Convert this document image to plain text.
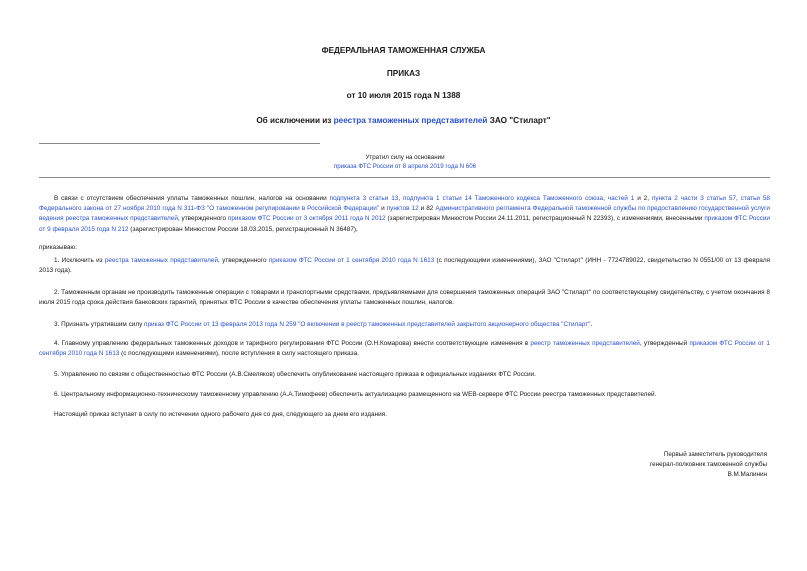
ФЕДЕРАЛЬНАЯ ТАМОЖЕННАЯ СЛУЖБА
ПРИКАЗ
от 10 июля 2015 года N 1388
Об исключении из реестра таможенных представителей ЗАО "Стиларт"
Утратил силу на основании
приказа ФТС России от 8 апреля 2019 года N 606
В связи с отсутствием обеспечения уплаты таможенных пошлин, налогов на основании подпункта 3 статьи 13, подпункта 1 статьи 14 Таможенного кодекса Таможенного союза, частей 1 и 2, пункта 2 части 3 статьи 57, статьи 58 Федерального закона от 27 ноября 2010 года N 311-ФЗ "О таможенном регулировании в Российской Федерации" и пунктов 12 и 82 Административного регламента Федеральной таможенной службы по предоставлению государственной услуги ведения реестра таможенных представителей, утвержденного приказом ФТС России от 3 октября 2011 года N 2012 (зарегистрирован Минюстом России 24.11.2011, регистрационный N 22393), с изменениями, внесенными приказом ФТС России от 9 февраля 2015 года N 212 (зарегистрирован Минюстом России 18.03.2015, регистрационный N 36487),
приказываю:
1. Исключить из реестра таможенных представителей, утвержденного приказом ФТС России от 1 сентября 2010 года N 1613 (с последующими изменениями), ЗАО "Стиларт" (ИНН - 7724789022, свидетельство N 0551/00 от 13 февраля 2013 года).
2. Таможенным органам не производить таможенные операции с товарами и транспортными средствами, предъявляемыми для совершения таможенных операций ЗАО "Стиларт" по соответствующему свидетельству, с учетом окончания 8 июля 2015 года срока действия банковских гарантий, принятых ФТС России в качестве обеспечения уплаты таможенных пошлин, налогов.
3. Признать утратившим силу приказ ФТС России от 13 февраля 2013 года N 259 "О включении в реестр таможенных представителей закрытого акционерного общества "Стиларт".
4. Главному управлению федеральных таможенных доходов и тарифного регулирования ФТС России (О.Н.Комарова) внести соответствующие изменения в реестр таможенных представителей, утвержденный приказом ФТС России от 1 сентября 2010 года N 1613 (с последующими изменениями), после вступления в силу настоящего приказа.
5. Управлению по связям с общественностью ФТС России (А.В.Смеляков) обеспечить опубликование настоящего приказа в официальных изданиях ФТС России.
6. Центральному информационно-техническому таможенному управлению (А.А.Тимофеев) обеспечить актуализацию размещенного на WEB-сервере ФТС России реестра таможенных представителей.
Настоящий приказ вступает в силу по истечении одного рабочего дня со дня, следующего за днем его издания.
Первый заместитель руководителя
генерал-полковник таможенной службы
В.М.Малинин
